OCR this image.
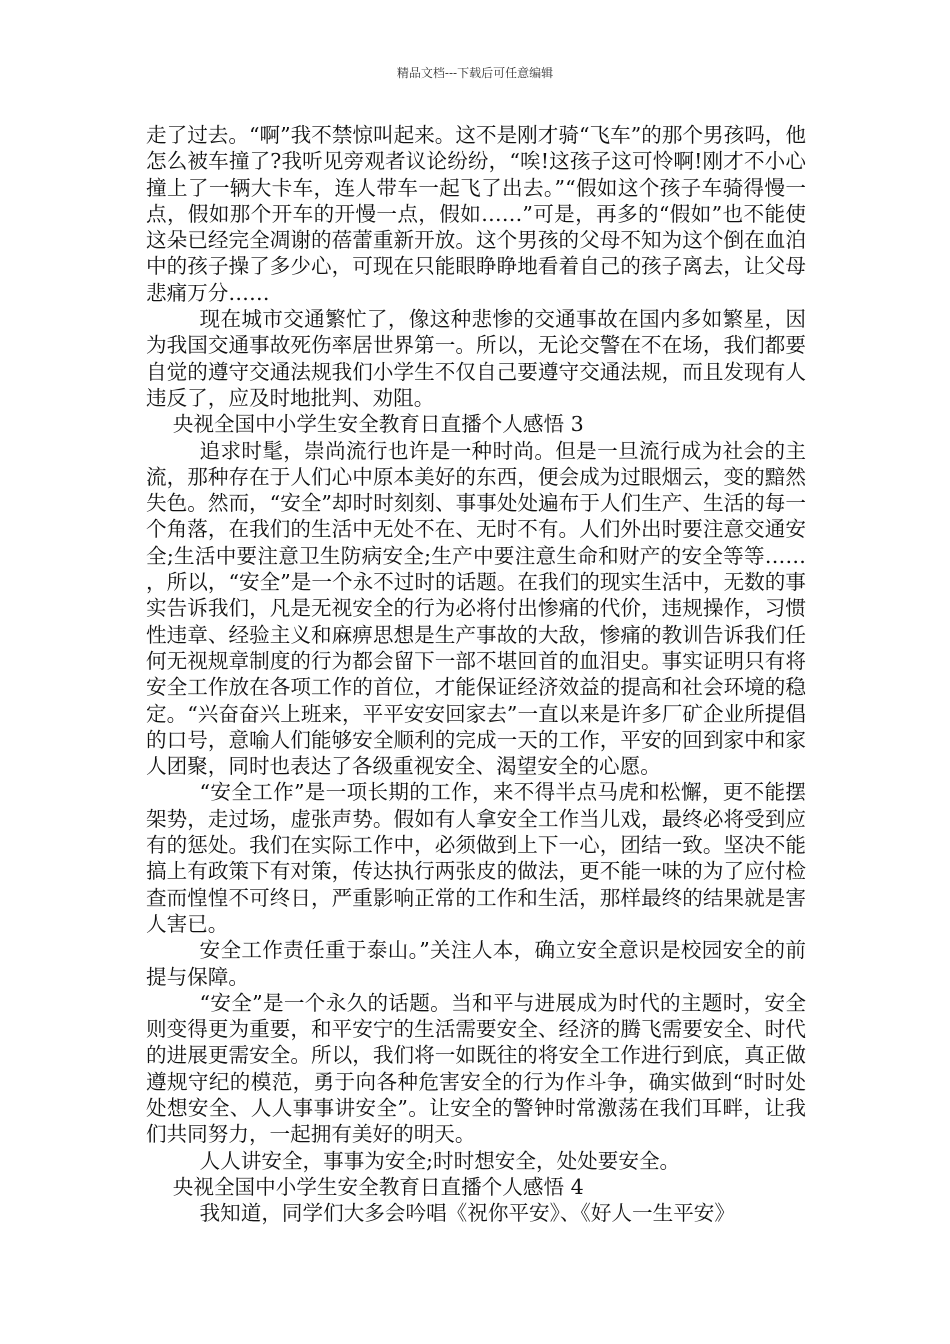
精品文档---下载后可任意编辑

走了过去。“啊”我不禁惊叫起来。这不是刚才骑“飞车”的那个男孩吗，他怎么被车撞了?我听见旁观者议论纷纷，“唉!这孩子这可怜啊!刚才不小心撞上了一辆大卡车，连人带车一起飞了出去。”“假如这个孩子车骑得慢一点，假如那个开车的开慢一点，假如……”可是，再多的“假如”也不能使这朵已经完全凋谢的蓓蕾重新开放。这个男孩的父母不知为这个倒在血泊中的孩子操了多少心，可现在只能眼睁睁地看着自己的孩子离去，让父母悲痛万分……

现在城市交通繁忙了，像这种悲惨的交通事故在国内多如繁星，因为我国交通事故死伤率居世界第一。所以，无论交警在不在场，我们都要自觉的遵守交通法规我们小学生不仅自己要遵守交通法规，而且发现有人违反了，应及时地批判、劝阻。

央视全国中小学生安全教育日直播个人感悟 3

追求时髦，崇尚流行也许是一种时尚。但是一旦流行成为社会的主流，那种存在于人们心中原本美好的东西，便会成为过眼烟云，变的黯然失色。然而，“安全”却时时刻刻、事事处处遍布于人们生产、生活的每一个角落，在我们的生活中无处不在、无时不有。人们外出时要注意交通安全;生活中要注意卫生防病安全;生产中要注意生命和财产的安全等等……，所以，“安全”是一个永不过时的话题。在我们的现实生活中，无数的事实告诉我们，凡是无视安全的行为必将付出惨痛的代价，违规操作，习惯性违章、经验主义和麻痹思想是生产事故的大敌，惨痛的教训告诉我们任何无视规章制度的行为都会留下一部不堪回首的血泪史。事实证明只有将安全工作放在各项工作的首位，才能保证经济效益的提高和社会环境的稳定。“兴奋奋兴上班来，平平安安回家去”一直以来是许多厂矿企业所提倡的口号，意喻人们能够安全顺利的完成一天的工作，平安的回到家中和家人团聚，同时也表达了各级重视安全、渴望安全的心愿。

“安全工作”是一项长期的工作，来不得半点马虎和松懈，更不能摆架势，走过场，虚张声势。假如有人拿安全工作当儿戏，最终必将受到应有的惩处。我们在实际工作中，必须做到上下一心，团结一致。坚决不能搞上有政策下有对策，传达执行两张皮的做法，更不能一味的为了应付检查而惶惶不可终日，严重影响正常的工作和生活，那样最终的结果就是害人害已。

安全工作责任重于泰山。”关注人本，确立安全意识是校园安全的前提与保障。

“安全”是一个永久的话题。当和平与进展成为时代的主题时，安全则变得更为重要，和平安宁的生活需要安全、经济的腾飞需要安全、时代的进展更需安全。所以，我们将一如既往的将安全工作进行到底，真正做遵规守纪的模范，勇于向各种危害安全的行为作斗争，确实做到“时时处处想安全、人人事事讲安全”。让安全的警钟时常激荡在我们耳畔，让我们共同努力，一起拥有美好的明天。

人人讲安全，事事为安全;时时想安全，处处要安全。

央视全国中小学生安全教育日直播个人感悟 4

我知道，同学们大多会吟唱《祝你平安》、《好人一生平安》
